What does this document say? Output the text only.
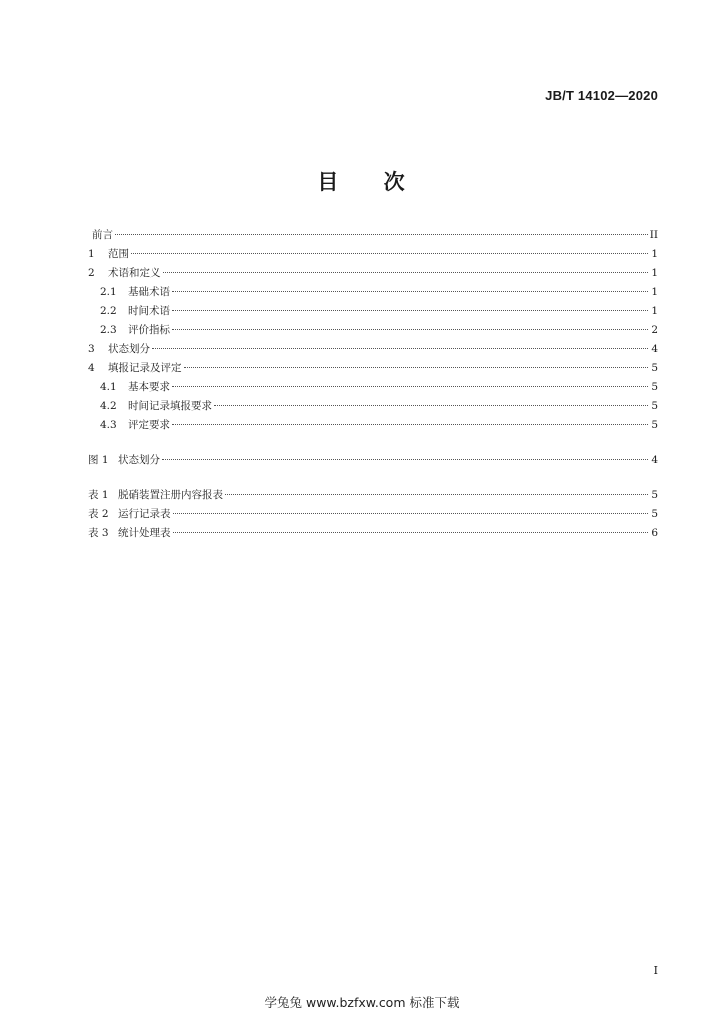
JB/T 14102—2020
目 次
前言	II
1	范围	1
2	术语和定义	1
2.1	基础术语	1
2.2	时间术语	1
2.3	评价指标	2
3	状态划分	4
4	填报记录及评定	5
4.1	基本要求	5
4.2	时间记录填报要求	5
4.3	评定要求	5
图 1 状态划分	4
表 1 脱硝装置注册内容报表	5
表 2 运行记录表	5
表 3 统计处理表	6
I
学兔兔 www.bzfxw.com 标准下载
